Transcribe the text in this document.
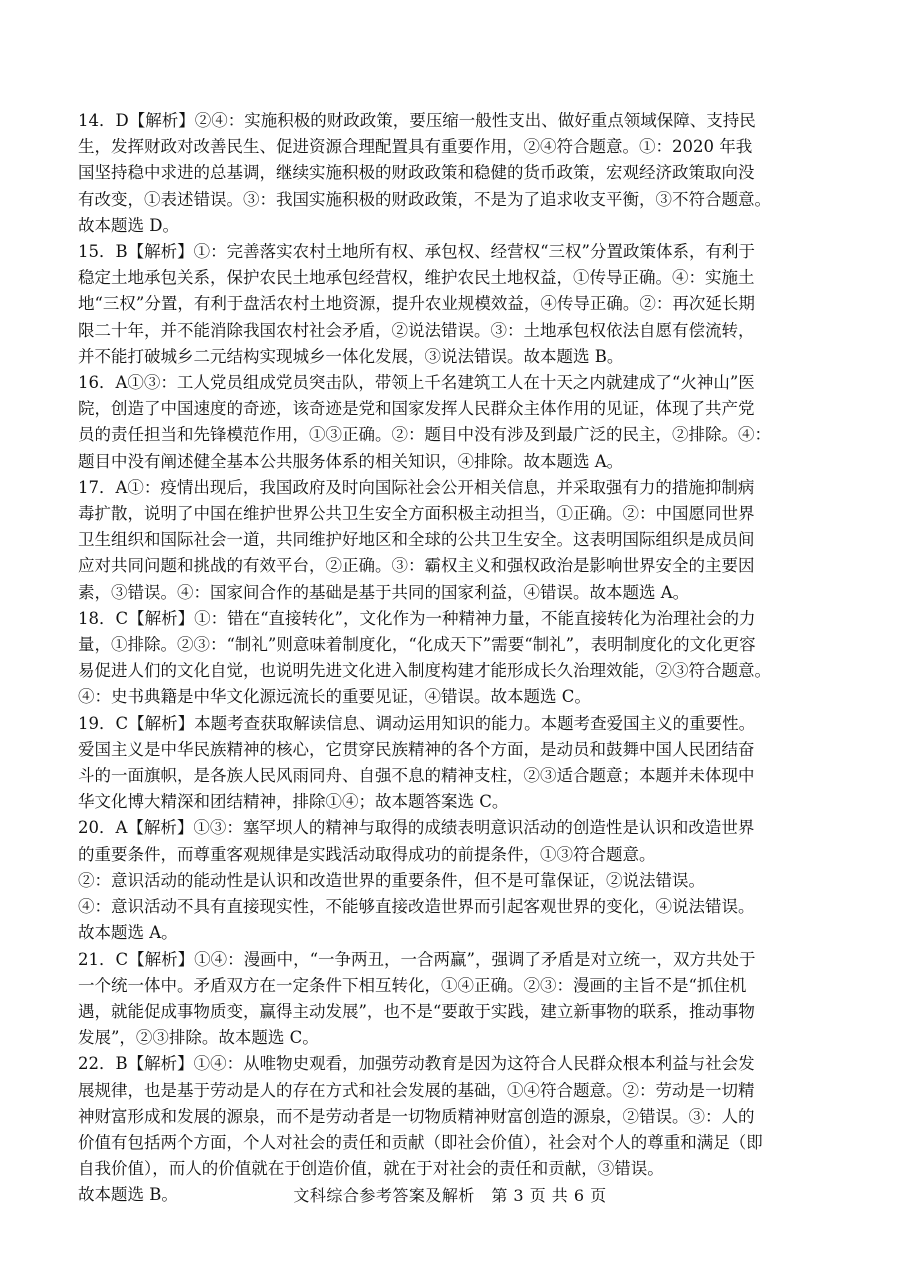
14．D【解析】②④：实施积极的财政政策，要压缩一般性支出、做好重点领域保障、支持民
生，发挥财政对改善民生、促进资源合理配置具有重要作用，②④符合题意。①：2020 年我
国坚持稳中求进的总基调，继续实施积极的财政政策和稳健的货币政策，宏观经济政策取向没
有改变，①表述错误。③：我国实施积极的财政政策，不是为了追求收支平衡，③不符合题意。
故本题选 D。

15．B【解析】①：完善落实农村土地所有权、承包权、经营权“三权”分置政策体系，有利于
稳定土地承包关系，保护农民土地承包经营权，维护农民土地权益，①传导正确。④：实施土
地“三权”分置，有利于盘活农村土地资源，提升农业规模效益，④传导正确。②：再次延长期
限二十年，并不能消除我国农村社会矛盾，②说法错误。③：土地承包权依法自愿有偿流转，
并不能打破城乡二元结构实现城乡一体化发展，③说法错误。故本题选 B。

16．A①③：工人党员组成党员突击队，带领上千名建筑工人在十天之内就建成了“火神山”医
院，创造了中国速度的奇迹，该奇迹是党和国家发挥人民群众主体作用的见证，体现了共产党
员的责任担当和先锋模范作用，①③正确。②：题目中没有涉及到最广泛的民主，②排除。④：
题目中没有阐述健全基本公共服务体系的相关知识，④排除。故本题选 A。

17．A①：疫情出现后，我国政府及时向国际社会公开相关信息，并采取强有力的措施抑制病
毒扩散，说明了中国在维护世界公共卫生安全方面积极主动担当，①正确。②：中国愿同世界
卫生组织和国际社会一道，共同维护好地区和全球的公共卫生安全。这表明国际组织是成员间
应对共同问题和挑战的有效平台，②正确。③：霸权主义和强权政治是影响世界安全的主要因
素，③错误。④：国家间合作的基础是基于共同的国家利益，④错误。故本题选 A。

18．C【解析】①：错在“直接转化”，文化作为一种精神力量，不能直接转化为治理社会的力
量，①排除。②③：“制礼”则意味着制度化，“化成天下”需要“制礼”，表明制度化的文化更容
易促进人们的文化自觉，也说明先进文化进入制度构建才能形成长久治理效能，②③符合题意。
④：史书典籍是中华文化源远流长的重要见证，④错误。故本题选 C。

19．C【解析】本题考查获取解读信息、调动运用知识的能力。本题考查爱国主义的重要性。
爱国主义是中华民族精神的核心，它贯穿民族精神的各个方面，是动员和鼓舞中国人民团结奋
斗的一面旗帜，是各族人民风雨同舟、自强不息的精神支柱，②③适合题意；本题并未体现中
华文化博大精深和团结精神，排除①④；故本题答案选 C。

20．A【解析】①③：塞罕坝人的精神与取得的成绩表明意识活动的创造性是认识和改造世界
的重要条件，而尊重客观规律是实践活动取得成功的前提条件，①③符合题意。
②：意识活动的能动性是认识和改造世界的重要条件，但不是可靠保证，②说法错误。
④：意识活动不具有直接现实性，不能够直接改造世界而引起客观世界的变化，④说法错误。
故本题选 A。

21．C【解析】①④：漫画中，“一争两丑，一合两赢”，强调了矛盾是对立统一，双方共处于
一个统一体中。矛盾双方在一定条件下相互转化，①④正确。②③：漫画的主旨不是“抓住机
遇，就能促成事物质变，赢得主动发展”，也不是“要敢于实践，建立新事物的联系，推动事物
发展”，②③排除。故本题选 C。

22．B【解析】①④：从唯物史观看，加强劳动教育是因为这符合人民群众根本利益与社会发
展规律，也是基于劳动是人的存在方式和社会发展的基础，①④符合题意。②：劳动是一切精
神财富形成和发展的源泉，而不是劳动者是一切物质精神财富创造的源泉，②错误。③：人的
价值有包括两个方面，个人对社会的责任和贡献（即社会价值），社会对个人的尊重和满足（即
自我价值），而人的价值就在于创造价值，就在于对社会的责任和贡献，③错误。
故本题选 B。	文科综合参考答案及解析　第 3 页 共 6 页
